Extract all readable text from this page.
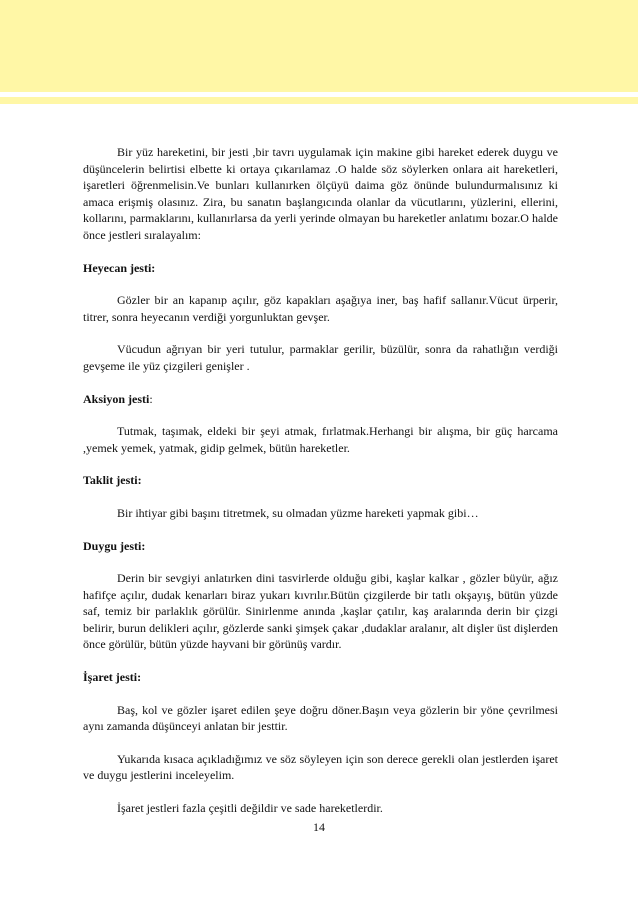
Bir yüz hareketini, bir jesti ,bir tavrı uygulamak için makine gibi hareket ederek duygu ve düşüncelerin belirtisi elbette ki ortaya çıkarılamaz .O halde söz söylerken onlara ait hareketleri, işaretleri öğrenmelisin.Ve bunları kullanırken ölçüyü daima göz önünde bulundurmalısınız ki amaca erişmiş olasınız. Zira, bu sanatın başlangıcında olanlar da vücutlarını, yüzlerini, ellerini, kollarını, parmaklarını, kullanırlarsa da yerli yerinde olmayan bu hareketler anlatımı bozar.O halde önce jestleri sıralayalım:

Heyecan jesti:

Gözler bir an kapanıp açılır, göz kapakları aşağıya iner, baş hafif sallanır.Vücut ürperir, titrer, sonra heyecanın verdiği yorgunluktan gevşer.

Vücudun ağrıyan bir yeri tutulur, parmaklar gerilir, büzülür, sonra da rahatlığın verdiği gevşeme ile yüz çizgileri genişler .

Aksiyon jesti:

Tutmak, taşımak, eldeki bir şeyi atmak, fırlatmak.Herhangi bir alışma, bir güç harcama ,yemek yemek, yatmak, gidip gelmek, bütün hareketler.

Taklit jesti:

Bir ihtiyar gibi başını titretmek, su olmadan yüzme hareketi yapmak gibi…

Duygu jesti:

Derin bir sevgiyi anlatırken dini tasvirlerde olduğu gibi, kaşlar kalkar , gözler büyür, ağız hafifçe açılır, dudak kenarları biraz yukarı kıvrılır.Bütün çizgilerde bir tatlı okşayış, bütün yüzde saf, temiz bir parlaklık görülür. Sinirlenme anında ,kaşlar çatılır, kaş aralarında derin bir çizgi belirir, burun delikleri açılır, gözlerde sanki şimşek çakar ,dudaklar aralanır, alt dişler üst dişlerden önce görülür, bütün yüzde hayvani bir görünüş vardır.

İşaret jesti:

Baş, kol ve gözler işaret edilen şeye doğru döner.Başın veya gözlerin bir yöne çevrilmesi aynı zamanda düşünceyi anlatan bir jesttir.

Yukarıda kısaca açıkladığımız ve söz söyleyen için son derece gerekli olan jestlerden işaret ve duygu jestlerini inceleyelim.

İşaret jestleri fazla çeşitli değildir ve sade hareketlerdir.

14
